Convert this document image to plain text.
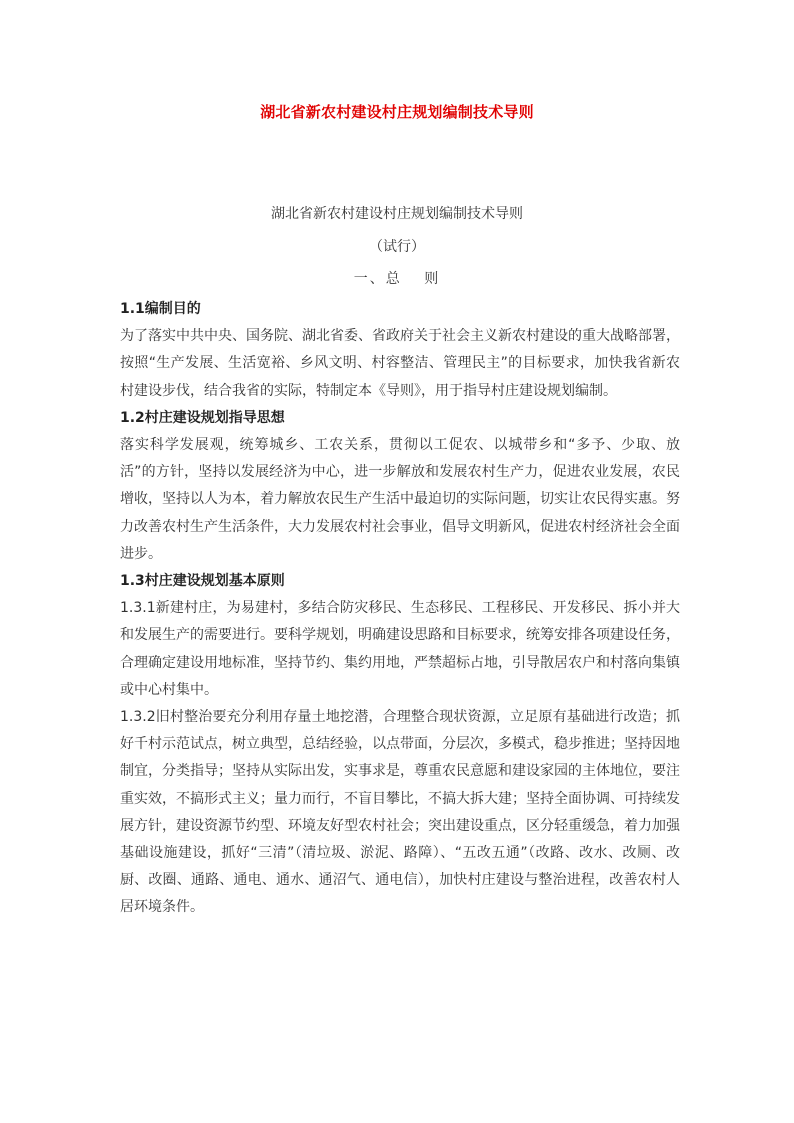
湖北省新农村建设村庄规划编制技术导则
湖北省新农村建设村庄规划编制技术导则
（试行）
一、总　 则
1.1编制目的

为了落实中共中央、国务院、湖北省委、省政府关于社会主义新农村建设的重大战略部署，按照“生产发展、生活宽裕、乡风文明、村容整洁、管理民主”的目标要求，加快我省新农村建设步伐，结合我省的实际，特制定本《导则》，用于指导村庄建设规划编制。

1.2村庄建设规划指导思想

落实科学发展观，统筹城乡、工农关系，贯彻以工促农、以城带乡和“多予、少取、放活”的方针，坚持以发展经济为中心，进一步解放和发展农村生产力，促进农业发展，农民增收，坚持以人为本，着力解放农民生产生活中最迫切的实际问题，切实让农民得实惠。努力改善农村生产生活条件，大力发展农村社会事业，倡导文明新风，促进农村经济社会全面进步。

1.3村庄建设规划基本原则

1.3.1新建村庄，为易建村，多结合防灾移民、生态移民、工程移民、开发移民、拆小并大和发展生产的需要进行。要科学规划，明确建设思路和目标要求，统筹安排各项建设任务，合理确定建设用地标准，坚持节约、集约用地，严禁超标占地，引导散居农户和村落向集镇或中心村集中。

1.3.2旧村整治要充分利用存量土地挖潜，合理整合现状资源，立足原有基础进行改造；抓好千村示范试点，树立典型，总结经验，以点带面，分层次，多模式，稳步推进；坚持因地制宜，分类指导；坚持从实际出发，实事求是，尊重农民意愿和建设家园的主体地位，要注重实效，不搞形式主义；量力而行，不盲目攀比，不搞大拆大建；坚持全面协调、可持续发展方针，建设资源节约型、环境友好型农村社会；突出建设重点，区分轻重缓急，着力加强基础设施建设，抓好“三清”（清垃圾、淤泥、路障）、“五改五通”（改路、改水、改厕、改厨、改圈、通路、通电、通水、通沼气、通电信），加快村庄建设与整治进程，改善农村人居环境条件。
